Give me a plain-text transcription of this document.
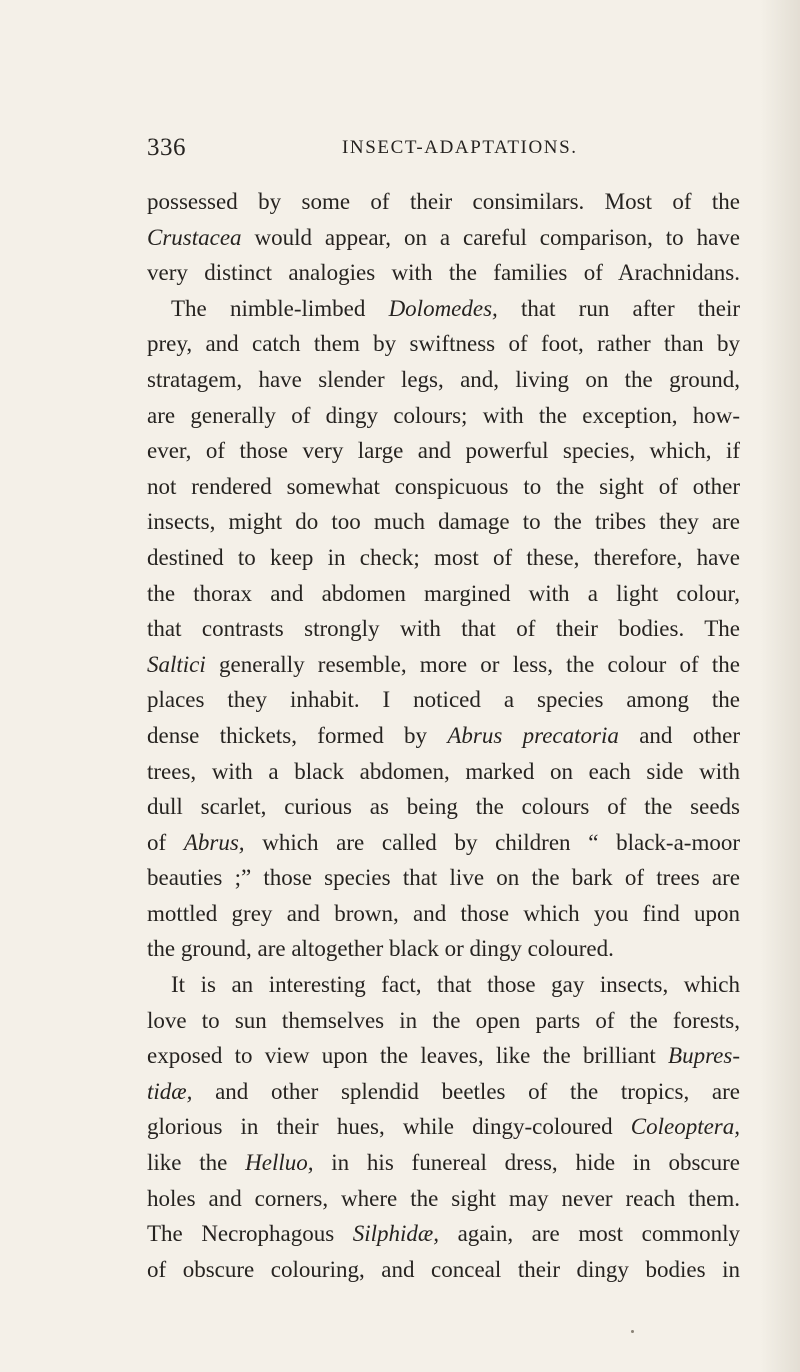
336	INSECT-ADAPTATIONS.
possessed by some of their consimilars. Most of the
Crustacea would appear, on a careful comparison, to have
very distinct analogies with the families of Arachnidans.
The nimble-limbed Dolomedes, that run after their
prey, and catch them by swiftness of foot, rather than by
stratagem, have slender legs, and, living on the ground,
are generally of dingy colours; with the exception, how-
ever, of those very large and powerful species, which, if
not rendered somewhat conspicuous to the sight of other
insects, might do too much damage to the tribes they are
destined to keep in check; most of these, therefore, have
the thorax and abdomen margined with a light colour,
that contrasts strongly with that of their bodies. The
Saltici generally resemble, more or less, the colour of the
places they inhabit. I noticed a species among the
dense thickets, formed by Abrus precatoria and other
trees, with a black abdomen, marked on each side with
dull scarlet, curious as being the colours of the seeds
of Abrus, which are called by children “ black-a-moor
beauties ;” those species that live on the bark of trees are
mottled grey and brown, and those which you find upon
the ground, are altogether black or dingy coloured.
It is an interesting fact, that those gay insects, which
love to sun themselves in the open parts of the forests,
exposed to view upon the leaves, like the brilliant Bupres-
tidæ, and other splendid beetles of the tropics, are
glorious in their hues, while dingy-coloured Coleoptera,
like the Helluo, in his funereal dress, hide in obscure
holes and corners, where the sight may never reach them.
The Necrophagous Silphidæ, again, are most commonly
of obscure colouring, and conceal their dingy bodies in
